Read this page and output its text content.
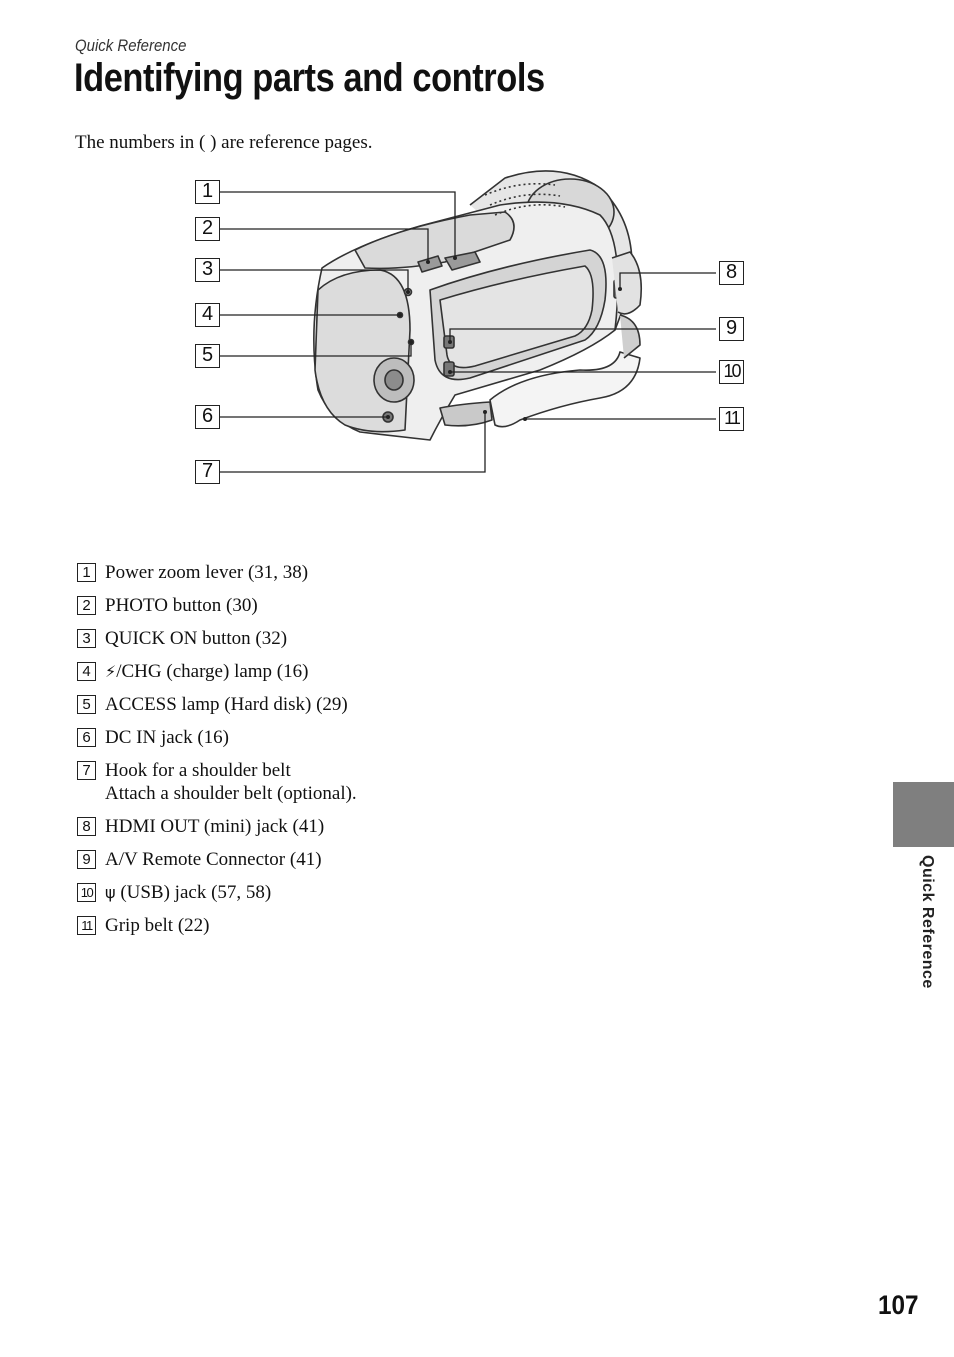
Quick Reference
Identifying parts and controls
The numbers in ( ) are reference pages.
1
2
3
4
5
6
7
8
9
10
11
1 Power zoom lever (31, 38)
2 PHOTO button (30)
3 QUICK ON button (32)
4 ⚡/CHG (charge) lamp (16)
5 ACCESS lamp (Hard disk) (29)
6 DC IN jack (16)
7 Hook for a shoulder belt
Attach a shoulder belt (optional).
8 HDMI OUT (mini) jack (41)
9 A/V Remote Connector (41)
10 ψ (USB) jack (57, 58)
11 Grip belt (22)	Quick Reference
107
